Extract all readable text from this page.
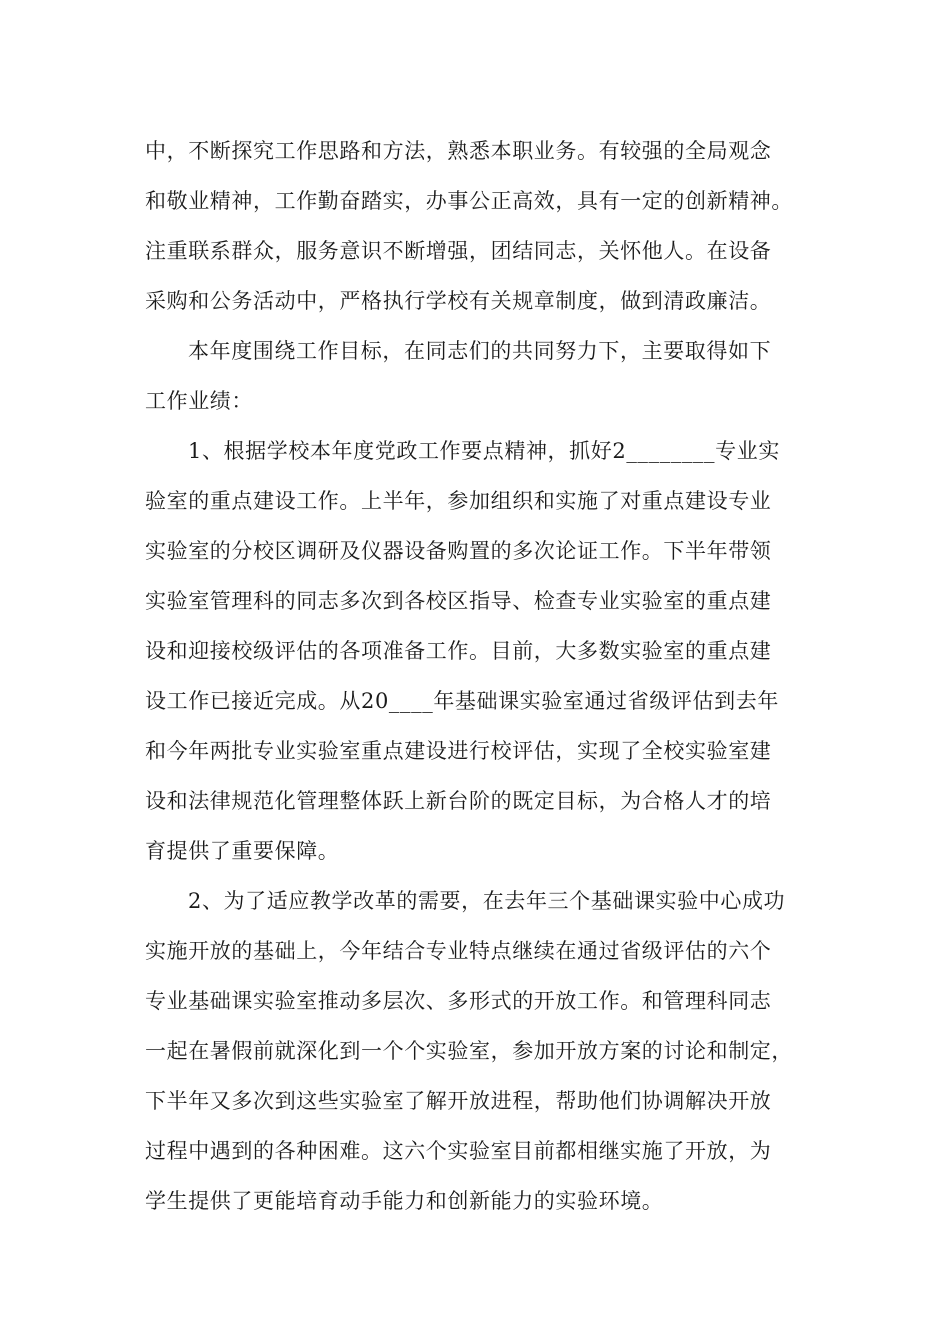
中，不断探究工作思路和方法，熟悉本职业务。有较强的全局观念
和敬业精神，工作勤奋踏实，办事公正高效，具有一定的创新精神。
注重联系群众，服务意识不断增强，团结同志，关怀他人。在设备
采购和公务活动中，严格执行学校有关规章制度，做到清政廉洁。
本年度围绕工作目标，在同志们的共同努力下，主要取得如下
工作业绩：
1、根据学校本年度党政工作要点精神，抓好2________专业实
验室的重点建设工作。上半年，参加组织和实施了对重点建设专业
实验室的分校区调研及仪器设备购置的多次论证工作。下半年带领
实验室管理科的同志多次到各校区指导、检查专业实验室的重点建
设和迎接校级评估的各项准备工作。目前，大多数实验室的重点建
设工作已接近完成。从20____年基础课实验室通过省级评估到去年
和今年两批专业实验室重点建设进行校评估，实现了全校实验室建
设和法律规范化管理整体跃上新台阶的既定目标，为合格人才的培
育提供了重要保障。
2、为了适应教学改革的需要，在去年三个基础课实验中心成功
实施开放的基础上，今年结合专业特点继续在通过省级评估的六个
专业基础课实验室推动多层次、多形式的开放工作。和管理科同志
一起在暑假前就深化到一个个实验室，参加开放方案的讨论和制定，
下半年又多次到这些实验室了解开放进程，帮助他们协调解决开放
过程中遇到的各种困难。这六个实验室目前都相继实施了开放，为
学生提供了更能培育动手能力和创新能力的实验环境。
